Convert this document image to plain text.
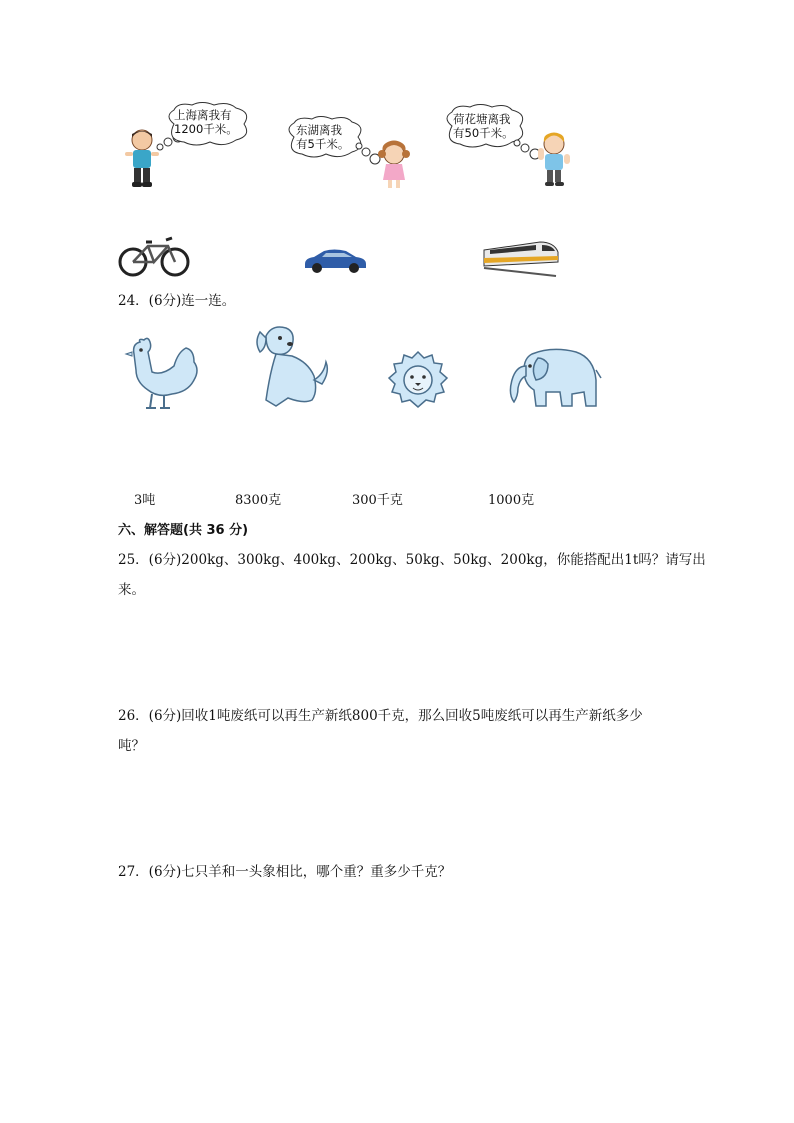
上海离我有
1200千米。	东湖离我
有5千米。
荷花塘离我
有50千米。
24．(6分)连一连。
3吨	8300克	300千克	1000克
六、解答题(共 36 分)
25．(6分)200kg、300kg、400kg、200kg、50kg、50kg、200kg，你能搭配出1t吗？请写出
来。
26．(6分)回收1吨废纸可以再生产新纸800千克，那么回收5吨废纸可以再生产新纸多少
吨？
27．(6分)七只羊和一头象相比，哪个重？重多少千克？
